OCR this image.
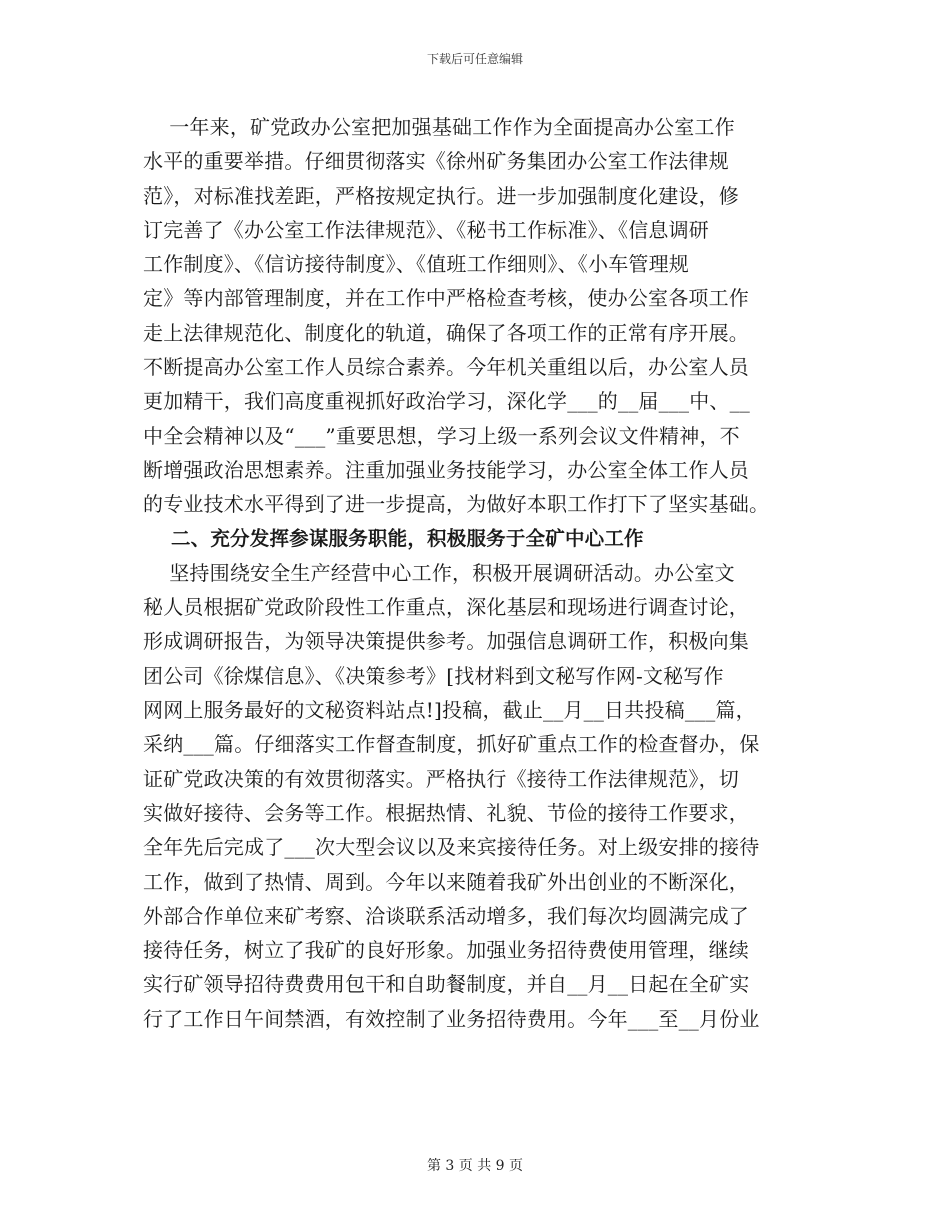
下载后可任意编辑
一年来，矿党政办公室把加强基础工作作为全面提高办公室工作
水平的重要举措。仔细贯彻落实《徐州矿务集团办公室工作法律规
范》，对标准找差距，严格按规定执行。进一步加强制度化建设，修
订完善了《办公室工作法律规范》、《秘书工作标准》、《信息调研
工作制度》、《信访接待制度》、《值班工作细则》、《小车管理规
定》等内部管理制度，并在工作中严格检查考核，使办公室各项工作
走上法律规范化、制度化的轨道，确保了各项工作的正常有序开展。
不断提高办公室工作人员综合素养。今年机关重组以后，办公室人员
更加精干，我们高度重视抓好政治学习，深化学___的__届___中、__
中全会精神以及“___”重要思想，学习上级一系列会议文件精神，不
断增强政治思想素养。注重加强业务技能学习，办公室全体工作人员
的专业技术水平得到了进一步提高，为做好本职工作打下了坚实基础。
二、充分发挥参谋服务职能，积极服务于全矿中心工作
坚持围绕安全生产经营中心工作，积极开展调研活动。办公室文
秘人员根据矿党政阶段性工作重点，深化基层和现场进行调查讨论，
形成调研报告，为领导决策提供参考。加强信息调研工作，积极向集
团公司《徐煤信息》、《决策参考》[找材料到文秘写作网-文秘写作
网网上服务最好的文秘资料站点!]投稿，截止__月__日共投稿___篇，
采纳___篇。仔细落实工作督查制度，抓好矿重点工作的检查督办，保
证矿党政决策的有效贯彻落实。严格执行《接待工作法律规范》，切
实做好接待、会务等工作。根据热情、礼貌、节俭的接待工作要求，
全年先后完成了___次大型会议以及来宾接待任务。对上级安排的接待
工作，做到了热情、周到。今年以来随着我矿外出创业的不断深化，
外部合作单位来矿考察、洽谈联系活动增多，我们每次均圆满完成了
接待任务，树立了我矿的良好形象。加强业务招待费使用管理，继续
实行矿领导招待费费用包干和自助餐制度，并自__月__日起在全矿实
行了工作日午间禁酒，有效控制了业务招待费用。今年___至__月份业
第 3 页 共 9 页
